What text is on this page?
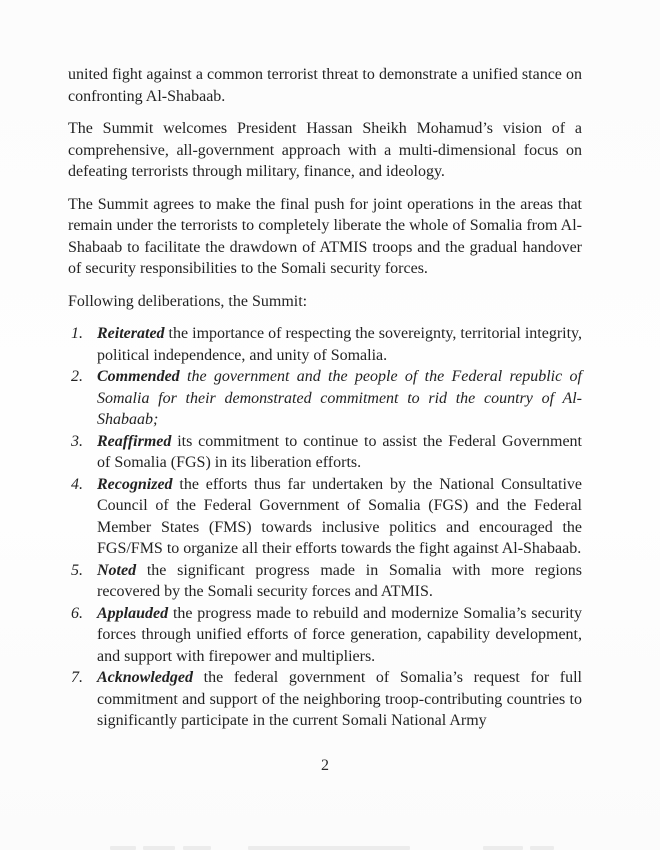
united fight against a common terrorist threat to demonstrate a unified stance on confronting Al-Shabaab.

The Summit welcomes President Hassan Sheikh Mohamud’s vision of a comprehensive, all-government approach with a multi-dimensional focus on defeating terrorists through military, finance, and ideology.

The Summit agrees to make the final push for joint operations in the areas that remain under the terrorists to completely liberate the whole of Somalia from Al-Shabaab to facilitate the drawdown of ATMIS troops and the gradual handover of security responsibilities to the Somali security forces.

Following deliberations, the Summit:

1. Reiterated the importance of respecting the sovereignty, territorial integrity, political independence, and unity of Somalia.
2. Commended the government and the people of the Federal republic of Somalia for their demonstrated commitment to rid the country of Al-Shabaab;
3. Reaffirmed its commitment to continue to assist the Federal Government of Somalia (FGS) in its liberation efforts.
4. Recognized the efforts thus far undertaken by the National Consultative Council of the Federal Government of Somalia (FGS) and the Federal Member States (FMS) towards inclusive politics and encouraged the FGS/FMS to organize all their efforts towards the fight against Al-Shabaab.
5. Noted the significant progress made in Somalia with more regions recovered by the Somali security forces and ATMIS.
6. Applauded the progress made to rebuild and modernize Somalia’s security forces through unified efforts of force generation, capability development, and support with firepower and multipliers.
7. Acknowledged the federal government of Somalia’s request for full commitment and support of the neighboring troop-contributing countries to significantly participate in the current Somali National Army
2
